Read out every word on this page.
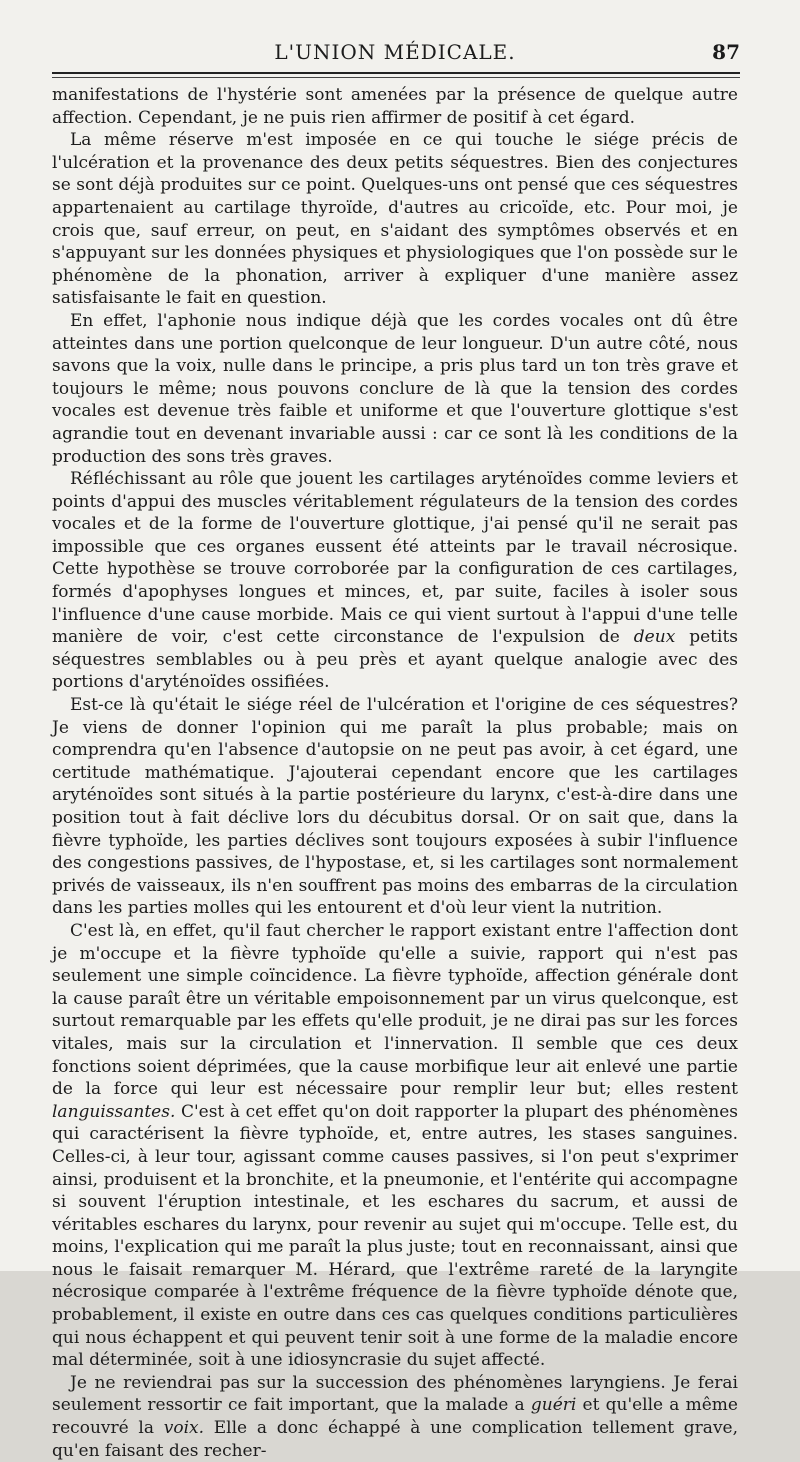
L'UNION MÉDICALE.	87

manifestations de l'hystérie sont amenées par la présence de quelque autre affection. Cependant, je ne puis rien affirmer de positif à cet égard.

La même réserve m'est imposée en ce qui touche le siége précis de l'ulcération et la provenance des deux petits séquestres. Bien des conjectures se sont déjà produites sur ce point. Quelques-uns ont pensé que ces séquestres appartenaient au cartilage thyroïde, d'autres au cricoïde, etc. Pour moi, je crois que, sauf erreur, on peut, en s'aidant des symptômes observés et en s'appuyant sur les données physiques et physiologiques que l'on possède sur le phénomène de la phonation, arriver à expliquer d'une manière assez satisfaisante le fait en question.

En effet, l'aphonie nous indique déjà que les cordes vocales ont dû être atteintes dans une portion quelconque de leur longueur. D'un autre côté, nous savons que la voix, nulle dans le principe, a pris plus tard un ton très grave et toujours le même; nous pouvons conclure de là que la tension des cordes vocales est devenue très faible et uniforme et que l'ouverture glottique s'est agrandie tout en devenant invariable aussi : car ce sont là les conditions de la production des sons très graves.

Réfléchissant au rôle que jouent les cartilages aryténoïdes comme leviers et points d'appui des muscles véritablement régulateurs de la tension des cordes vocales et de la forme de l'ouverture glottique, j'ai pensé qu'il ne serait pas impossible que ces organes eussent été atteints par le travail nécrosique. Cette hypothèse se trouve corroborée par la configuration de ces cartilages, formés d'apophyses longues et minces, et, par suite, faciles à isoler sous l'influence d'une cause morbide. Mais ce qui vient surtout à l'appui d'une telle manière de voir, c'est cette circonstance de l'expulsion de deux petits séquestres semblables ou à peu près et ayant quelque analogie avec des portions d'aryténoïdes ossifiées.

Est-ce là qu'était le siége réel de l'ulcération et l'origine de ces séquestres? Je viens de donner l'opinion qui me paraît la plus probable; mais on comprendra qu'en l'absence d'autopsie on ne peut pas avoir, à cet égard, une certitude mathématique. J'ajouterai cependant encore que les cartilages aryténoïdes sont situés à la partie postérieure du larynx, c'est-à-dire dans une position tout à fait déclive lors du décubitus dorsal. Or on sait que, dans la fièvre typhoïde, les parties déclives sont toujours exposées à subir l'influence des congestions passives, de l'hypostase, et, si les cartilages sont normalement privés de vaisseaux, ils n'en souffrent pas moins des embarras de la circulation dans les parties molles qui les entourent et d'où leur vient la nutrition.

C'est là, en effet, qu'il faut chercher le rapport existant entre l'affection dont je m'occupe et la fièvre typhoïde qu'elle a suivie, rapport qui n'est pas seulement une simple coïncidence. La fièvre typhoïde, affection générale dont la cause paraît être un véritable empoisonnement par un virus quelconque, est surtout remarquable par les effets qu'elle produit, je ne dirai pas sur les forces vitales, mais sur la circulation et l'innervation. Il semble que ces deux fonctions soient déprimées, que la cause morbifique leur ait enlevé une partie de la force qui leur est nécessaire pour remplir leur but; elles restent languissantes. C'est à cet effet qu'on doit rapporter la plupart des phénomènes qui caractérisent la fièvre typhoïde, et, entre autres, les stases sanguines. Celles-ci, à leur tour, agissant comme causes passives, si l'on peut s'exprimer ainsi, produisent et la bronchite, et la pneumonie, et l'entérite qui accompagne si souvent l'éruption intestinale, et les eschares du sacrum, et aussi de véritables eschares du larynx, pour revenir au sujet qui m'occupe. Telle est, du moins, l'explication qui me paraît la plus juste; tout en reconnaissant, ainsi que nous le faisait remarquer M. Hérard, que l'extrême rareté de la laryngite nécrosique comparée à l'extrême fréquence de la fièvre typhoïde dénote que, probablement, il existe en outre dans ces cas quelques conditions particulières qui nous échappent et qui peuvent tenir soit à une forme de la maladie encore mal déterminée, soit à une idiosyncrasie du sujet affecté.

Je ne reviendrai pas sur la succession des phénomènes laryngiens. Je ferai seulement ressortir ce fait important, que la malade a guéri et qu'elle a même recouvré la voix. Elle a donc échappé à une complication tellement grave, qu'en faisant des recher-
